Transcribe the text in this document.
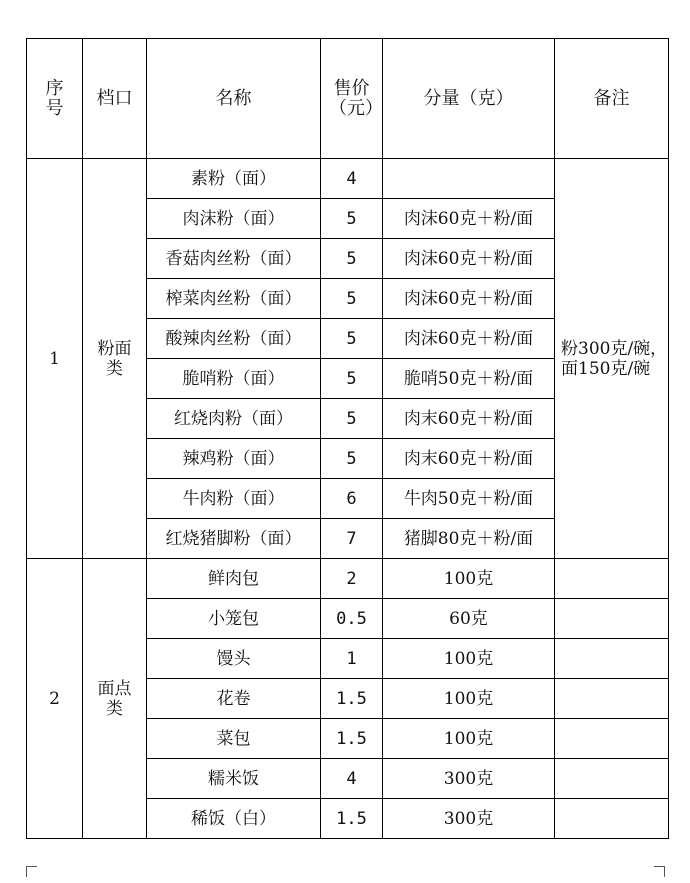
序号	档口	名称	售价（元）	分量（克）	备注
1	粉面类	素粉（面）	4		粉300克/碗，面150克/碗
		肉沫粉（面）	5	肉沫60克＋粉/面	
		香菇肉丝粉（面）	5	肉沫60克＋粉/面	
		榨菜肉丝粉（面）	5	肉沫60克＋粉/面	
		酸辣肉丝粉（面）	5	肉沫60克＋粉/面	
		脆哨粉（面）	5	脆哨50克＋粉/面	
		红烧肉粉（面）	5	肉末60克＋粉/面	
		辣鸡粉（面）	5	肉末60克＋粉/面	
		牛肉粉（面）	6	牛肉50克＋粉/面	
		红烧猪脚粉（面）	7	猪脚80克＋粉/面	
2	面点类	鲜肉包	2	100克	
		小笼包	0.5	60克	
		馒头	1	100克	
		花卷	1.5	100克	
		菜包	1.5	100克	
		糯米饭	4	300克	
		稀饭（白）	1.5	300克	
